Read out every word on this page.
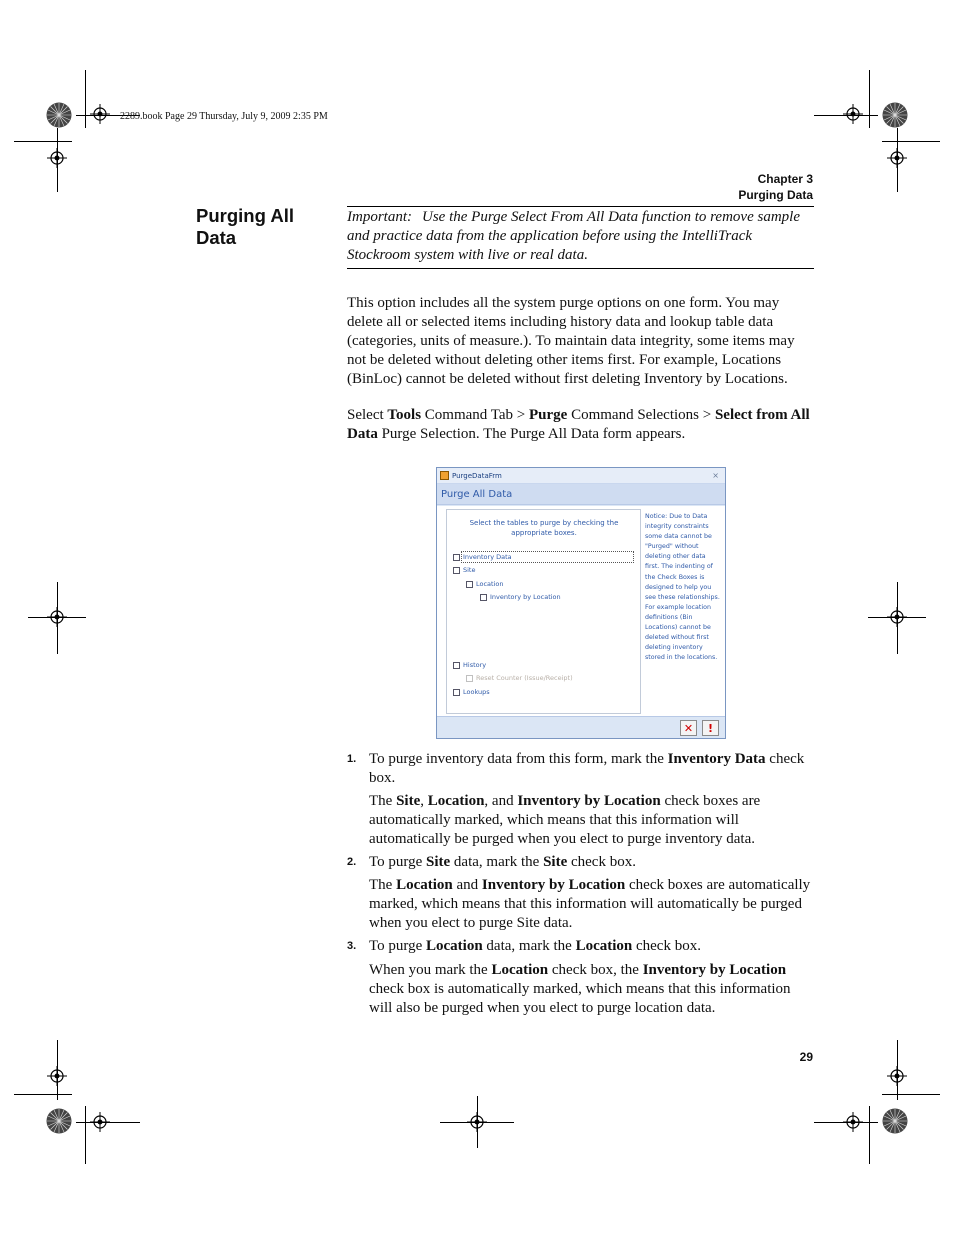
2289.book Page 29 Thursday, July 9, 2009 2:35 PM
Chapter 3
Purging Data
Purging All Data
Important: Use the Purge Select From All Data function to remove sample and practice data from the application before using the IntelliTrack Stockroom system with live or real data.

This option includes all the system purge options on one form. You may delete all or selected items including history data and lookup table data (categories, units of measure.). To maintain data integrity, some items may not be deleted without deleting other items first. For example, Locations (BinLoc) cannot be deleted without first deleting Inventory by Locations.

Select Tools Command Tab > Purge Command Selections > Select from All Data Purge Selection. The Purge All Data form appears.

PurgeDataFrm	×
Purge All Data
Select the tables to purge by checking the appropriate boxes.
Inventory Data
Site
Location
Inventory by Location
History
Reset Counter (Issue/Receipt)
Lookups
Notice: Due to Data integrity constraints some data cannot be "Purged" without deleting other data first. The indenting of the Check Boxes is designed to help you see these relationships. For example location definitions (Bin Locations) cannot be deleted without first deleting inventory stored in the locations.
✕ !
1. To purge inventory data from this form, mark the Inventory Data check box.

The Site, Location, and Inventory by Location check boxes are automatically marked, which means that this information will automatically be purged when you elect to purge inventory data.

2. To purge Site data, mark the Site check box.

The Location and Inventory by Location check boxes are automatically marked, which means that this information will automatically be purged when you elect to purge Site data.

3. To purge Location data, mark the Location check box.

When you mark the Location check box, the Inventory by Location check box is automatically marked, which means that this information will also be purged when you elect to purge location data.

29
